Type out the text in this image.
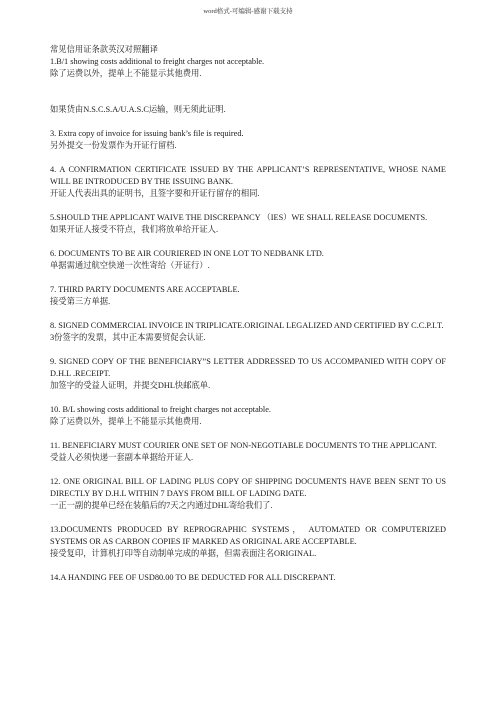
word格式-可编辑-感谢下载支持

常见信用证条款英汉对照翻译

1.B/1 showing costs additional to freight charges not acceptable.

除了运费以外，提单上不能显示其他费用.

如果货由N.S.C.S.A/U.A.S.C运输，则无须此证明.

3. Extra copy of invoice for issuing bank’s file is required.

另外提交一份发票作为开证行留档.

4. A CONFIRMATION CERTIFICATE ISSUED BY THE APPLICANT’S REPRESENTATIVE, WHOSE NAME WILL BE INTRODUCED BY THE ISSUING BANK.

开证人代表出具的证明书，且签字要和开证行留存的相同.

5.SHOULD THE APPLICANT WAIVE THE DISCREPANCY （IES）WE SHALL RELEASE DOCUMENTS.

如果开证人接受不符点，我们将放单给开证人.

6. DOCUMENTS TO BE AIR COURIERED IN ONE LOT TO NEDBANK LTD.

单据需通过航空快递一次性寄给（开证行）.

7. THIRD PARTY DOCUMENTS ARE ACCEPTABLE.

接受第三方单据.

8. SIGNED COMMERCIAL INVOICE IN TRIPLICATE.ORIGINAL LEGALIZED AND CERTIFIED BY C.C.P.I.T.

3份签字的发票，其中正本需要贸促会认证.

9. SIGNED COPY OF THE BENEFICIARY”S LETTER ADDRESSED TO US ACCOMPANIED WITH COPY OF D.H.L .RECEIPT.

加签字的受益人证明，并提交DHL快邮底单.

10. B/L showing costs additional to freight charges not acceptable.

除了运费以外，提单上不能显示其他费用.

11. BENEFICIARY MUST COURIER ONE SET OF NON-NEGOTIABLE DOCUMENTS TO THE APPLICANT.

受益人必须快递一套副本单据给开证人.

12. ONE ORIGINAL BILL OF LADING PLUS COPY OF SHIPPING DOCUMENTS HAVE BEEN SENT TO US DIRECTLY BY D.H.L WITHIN 7 DAYS FROM BILL OF LADING DATE.

一正一副的提单已经在装船后的7天之内通过DHL寄给我们了.

13.DOCUMENTS PRODUCED BY REPROGRAPHIC SYSTEMS， AUTOMATED OR COMPUTERIZED SYSTEMS OR AS CARBON COPIES IF MARKED AS ORIGINAL ARE ACCEPTABLE.

接受复印，计算机打印等自动制单完成的单据，但需表面注名ORIGINAL.

14.A HANDING FEE OF USD80.00 TO BE DEDUCTED FOR ALL DISCREPANT.
